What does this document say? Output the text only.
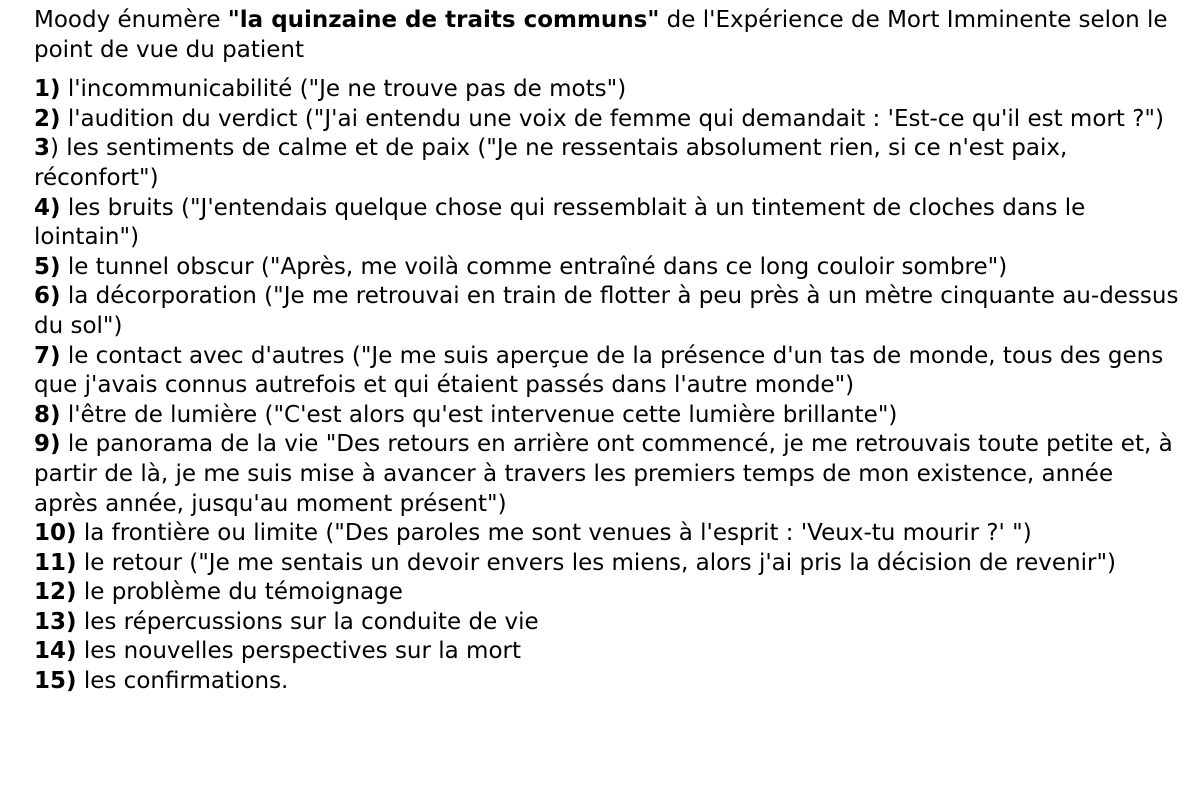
Moody énumère "la quinzaine de traits communs" de l'Expérience de Mort Imminente selon le point de vue du patient

1) l'incommunicabilité ("Je ne trouve pas de mots")

2) l'audition du verdict ("J'ai entendu une voix de femme qui demandait : 'Est-ce qu'il est mort ?")

3) les sentiments de calme et de paix ("Je ne ressentais absolument rien, si ce n'est paix, réconfort")

4) les bruits ("J'entendais quelque chose qui ressemblait à un tintement de cloches dans le lointain")

5) le tunnel obscur ("Après, me voilà comme entraîné dans ce long couloir sombre")

6) la décorporation ("Je me retrouvai en train de flotter à peu près à un mètre cinquante au-dessus du sol")

7) le contact avec d'autres ("Je me suis aperçue de la présence d'un tas de monde, tous des gens que j'avais connus autrefois et qui étaient passés dans l'autre monde")

8) l'être de lumière ("C'est alors qu'est intervenue cette lumière brillante")

9) le panorama de la vie "Des retours en arrière ont commencé, je me retrouvais toute petite et, à partir de là, je me suis mise à avancer à travers les premiers temps de mon existence, année après année, jusqu'au moment présent")

10) la frontière ou limite ("Des paroles me sont venues à l'esprit : 'Veux-tu mourir ?' ")

11) le retour ("Je me sentais un devoir envers les miens, alors j'ai pris la décision de revenir")

12) le problème du témoignage

13) les répercussions sur la conduite de vie

14) les nouvelles perspectives sur la mort

15) les confirmations.
